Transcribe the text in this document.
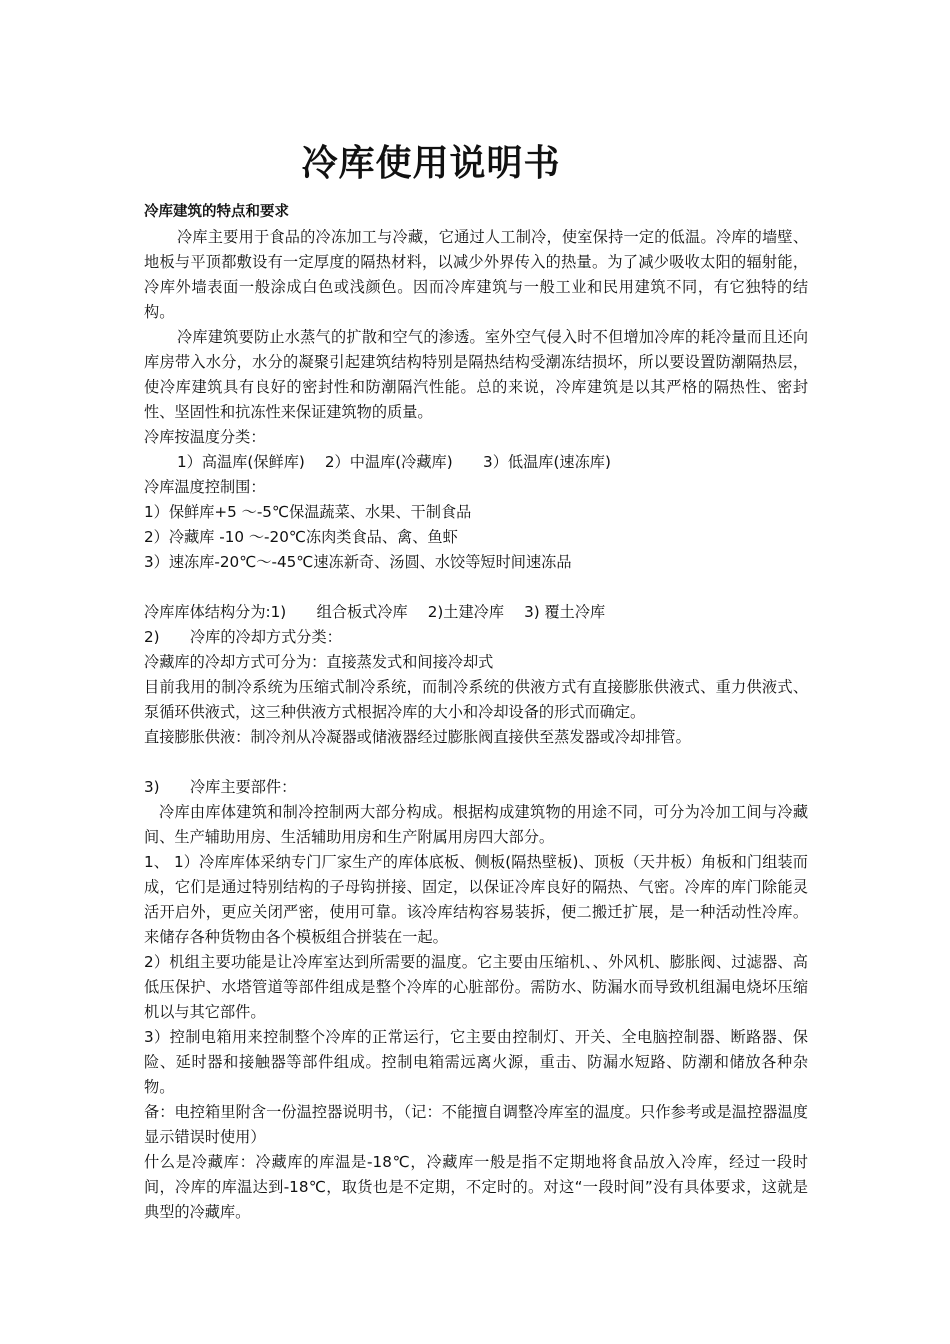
冷库使用说明书

冷库建筑的特点和要求

冷库主要用于食品的冷冻加工与冷藏，它通过人工制冷，使室保持一定的低温。冷库的墙壁、地板与平顶都敷设有一定厚度的隔热材料，以减少外界传入的热量。为了减少吸收太阳的辐射能，冷库外墙表面一般涂成白色或浅颜色。因而冷库建筑与一般工业和民用建筑不同，有它独特的结构。

冷库建筑要防止水蒸气的扩散和空气的渗透。室外空气侵入时不但增加冷库的耗冷量而且还向库房带入水分，水分的凝聚引起建筑结构特别是隔热结构受潮冻结损坏，所以要设置防潮隔热层，使冷库建筑具有良好的密封性和防潮隔汽性能。总的来说，冷库建筑是以其严格的隔热性、密封性、坚固性和抗冻性来保证建筑物的质量。

冷库按温度分类：

1）高温库(保鲜库)　 2）中温库(冷藏库)　　3）低温库(速冻库)

冷库温度控制围：

1）保鲜库+5 ～-5℃保温蔬菜、水果、干制食品

2）冷藏库 -10 ～-20℃冻肉类食品、禽、鱼虾

3）速冻库-20℃～-45℃速冻新奇、汤圆、水饺等短时间速冻品

冷库库体结构分为:1)　　组合板式冷库　 2)土建冷库　 3) 覆土冷库

2)　　冷库的冷却方式分类：

冷藏库的冷却方式可分为：直接蒸发式和间接冷却式

目前我用的制冷系统为压缩式制冷系统，而制冷系统的供液方式有直接膨胀供液式、重力供液式、泵循环供液式，这三种供液方式根据冷库的大小和冷却设备的形式而确定。

直接膨胀供液：制冷剂从冷凝器或储液器经过膨胀阀直接供至蒸发器或冷却排管。

3)　　冷库主要部件：

冷库由库体建筑和制冷控制两大部分构成。根据构成建筑物的用途不同，可分为冷加工间与冷藏间、生产辅助用房、生活辅助用房和生产附属用房四大部分。

1、 1）冷库库体采纳专门厂家生产的库体底板、侧板(隔热壁板)、顶板（天井板）角板和门组装而成，它们是通过特别结构的子母钩拼接、固定，以保证冷库良好的隔热、气密。冷库的库门除能灵活开启外，更应关闭严密，使用可靠。该冷库结构容易装拆，便二搬迁扩展，是一种活动性冷库。来储存各种货物由各个模板组合拼装在一起。

2）机组主要功能是让冷库室达到所需要的温度。它主要由压缩机、、外风机、膨胀阀、过滤器、高低压保护、水塔管道等部件组成是整个冷库的心脏部份。需防水、防漏水而导致机组漏电烧坏压缩机以与其它部件。

3）控制电箱用来控制整个冷库的正常运行，它主要由控制灯、开关、全电脑控制器、断路器、保险、延时器和接触器等部件组成。控制电箱需远离火源，重击、防漏水短路、防潮和储放各种杂物。

备：电控箱里附含一份温控器说明书，（记：不能擅自调整冷库室的温度。只作参考或是温控器温度显示错误时使用）

什么是冷藏库：冷藏库的库温是-18℃，冷藏库一般是指不定期地将食品放入冷库，经过一段时间，冷库的库温达到-18℃，取货也是不定期，不定时的。对这“一段时间”没有具体要求，这就是典型的冷藏库。
